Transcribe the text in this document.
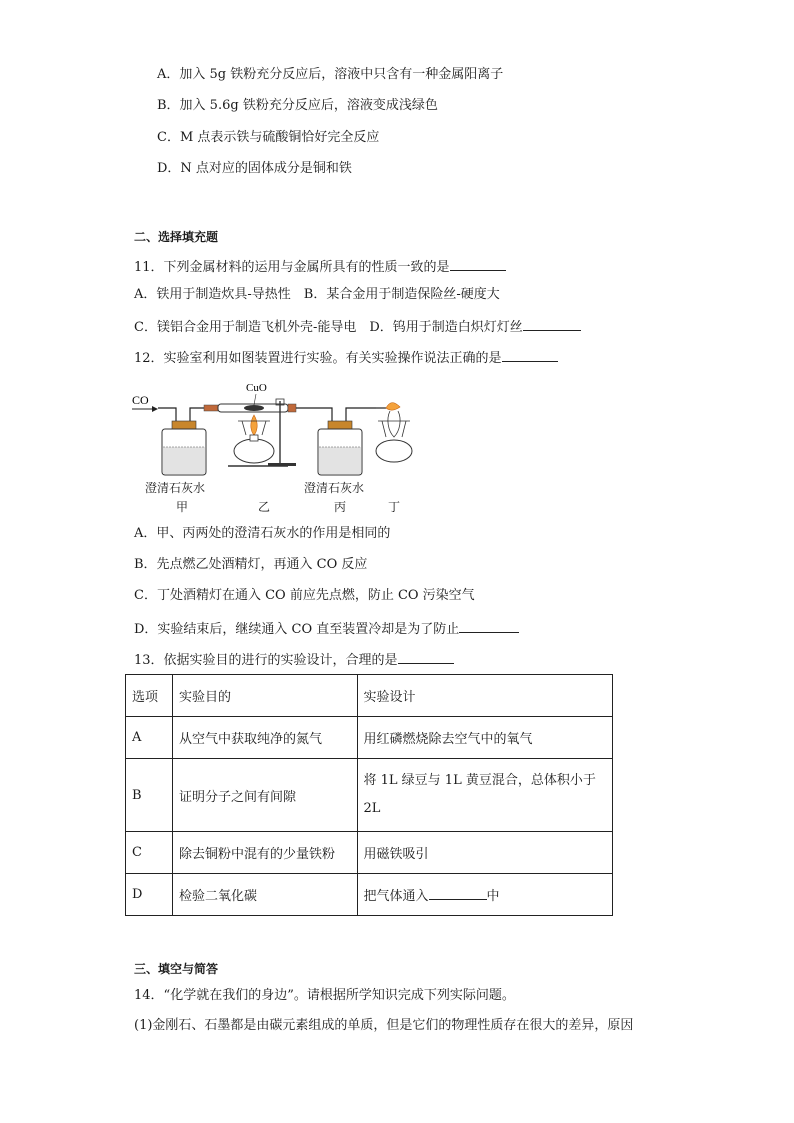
A．加入 5g 铁粉充分反应后，溶液中只含有一种金属阳离子
B．加入 5.6g 铁粉充分反应后，溶液变成浅绿色
C．M 点表示铁与硫酸铜恰好完全反应
D．N 点对应的固体成分是铜和铁
二、选择填充题
11．下列金属材料的运用与金属所具有的性质一致的是
A．铁用于制造炊具-导热性　B．某合金用于制造保险丝-硬度大
C．镁铝合金用于制造飞机外壳-能导电　D．钨用于制造白炽灯灯丝
12．实验室利用如图装置进行实验。有关实验操作说法正确的是
CO
CuO
澄清石灰水
甲	乙
澄清石灰水
丙	丁
A．甲、丙两处的澄清石灰水的作用是相同的
B．先点燃乙处酒精灯，再通入 CO 反应
C．丁处酒精灯在通入 CO 前应先点燃，防止 CO 污染空气
D．实验结束后，继续通入 CO 直至装置冷却是为了防止
13．依据实验目的进行的实验设计，合理的是
选项	实验目的	实验设计
A	从空气中获取纯净的氮气	用红磷燃烧除去空气中的氧气
B	证明分子之间有间隙	将 1L 绿豆与 1L 黄豆混合，总体积小于
2L
C	除去铜粉中混有的少量铁粉	用磁铁吸引
D	检验二氧化碳	把气体通入 中
三、填空与简答
14．“化学就在我们的身边”。请根据所学知识完成下列实际问题。
(1)金刚石、石墨都是由碳元素组成的单质，但是它们的物理性质存在很大的差异，原因
